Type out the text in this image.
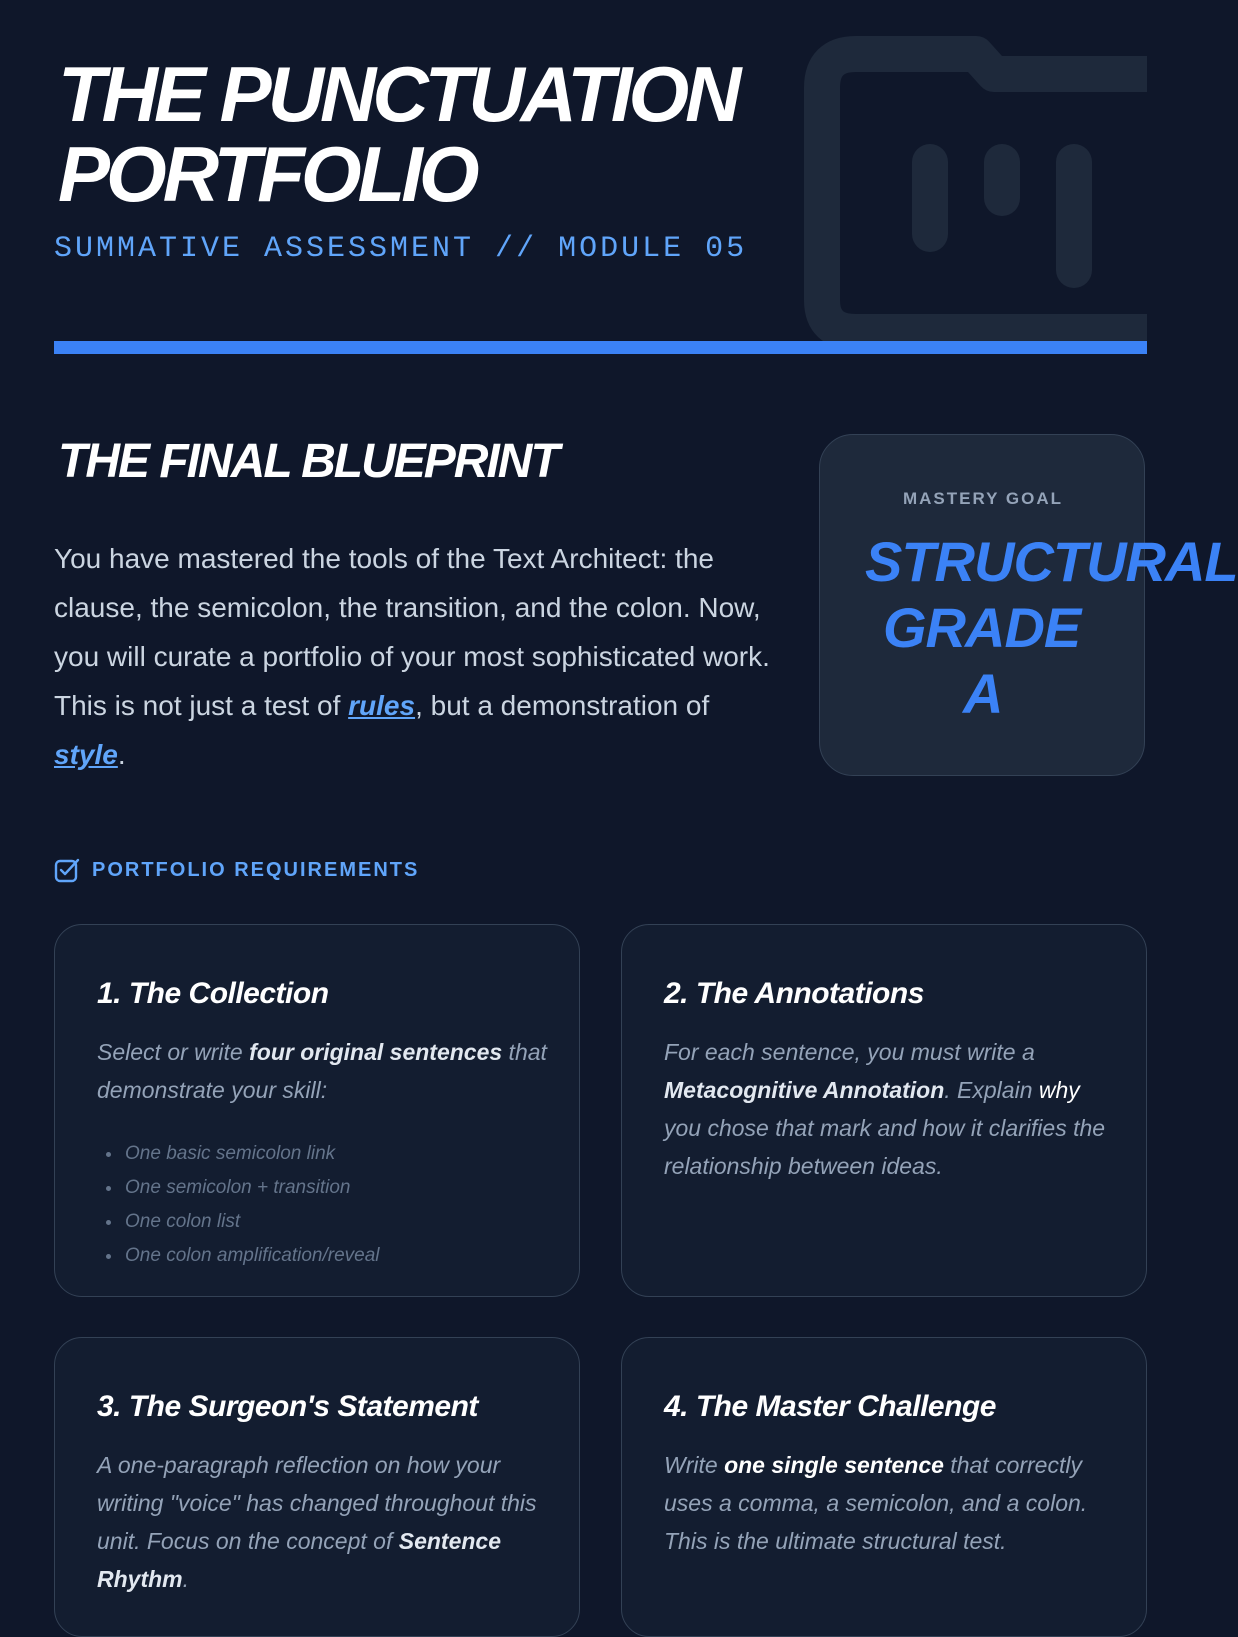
THE PUNCTUATION
PORTFOLIO
SUMMATIVE ASSESSMENT // MODULE 05
THE FINAL BLUEPRINT

You have mastered the tools of the Text Architect: the clause, the semicolon, the transition, and the colon. Now, you will curate a portfolio of your most sophisticated work. This is not just a test of rules, but a demonstration of style.

MASTERY GOAL
STRUCTURAL
GRADE
A
PORTFOLIO REQUIREMENTS
1. The Collection

Select or write four original sentences that demonstrate your skill:

• One basic semicolon link
• One semicolon + transition
• One colon list
• One colon amplification/reveal
2. The Annotations

For each sentence, you must write a Metacognitive Annotation. Explain why you chose that mark and how it clarifies the relationship between ideas.

3. The Surgeon's Statement

A one-paragraph reflection on how your writing "voice" has changed throughout this unit. Focus on the concept of Sentence Rhythm.

4. The Master Challenge

Write one single sentence that correctly uses a comma, a semicolon, and a colon. This is the ultimate structural test.
